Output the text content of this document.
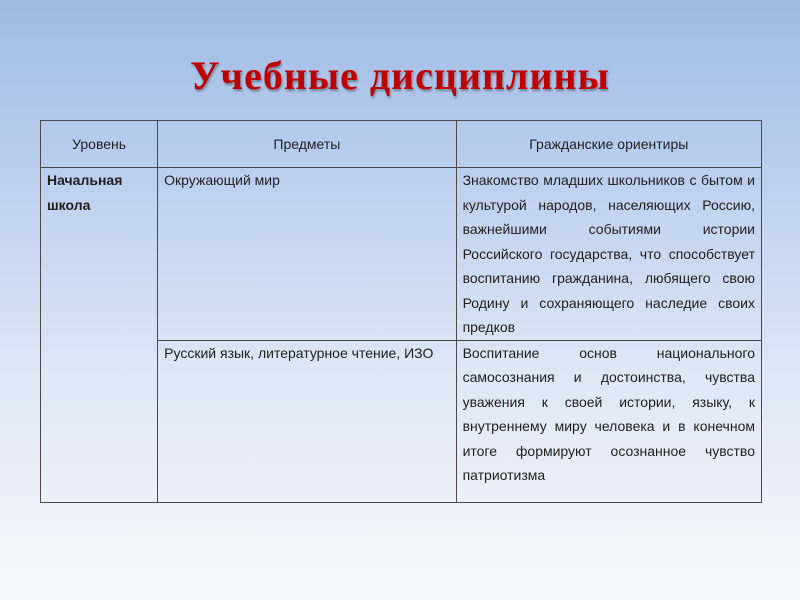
Учебные дисциплины
Уровень	Предметы	Гражданские ориентиры
Начальная школа	Окружающий мир	Знакомство младших школьников с бытом и культурой народов, населяющих Россию, важнейшими событиями истории Российского государства, что способствует воспитанию гражданина, любящего свою Родину и сохраняющего наследие своих предков
	Русский язык, литературное чтение, ИЗО	Воспитание основ национального самосознания и достоинства, чувства уважения к своей истории, языку, к внутреннему миру человека и в конечном итоге формируют осознанное чувство патриотизма
